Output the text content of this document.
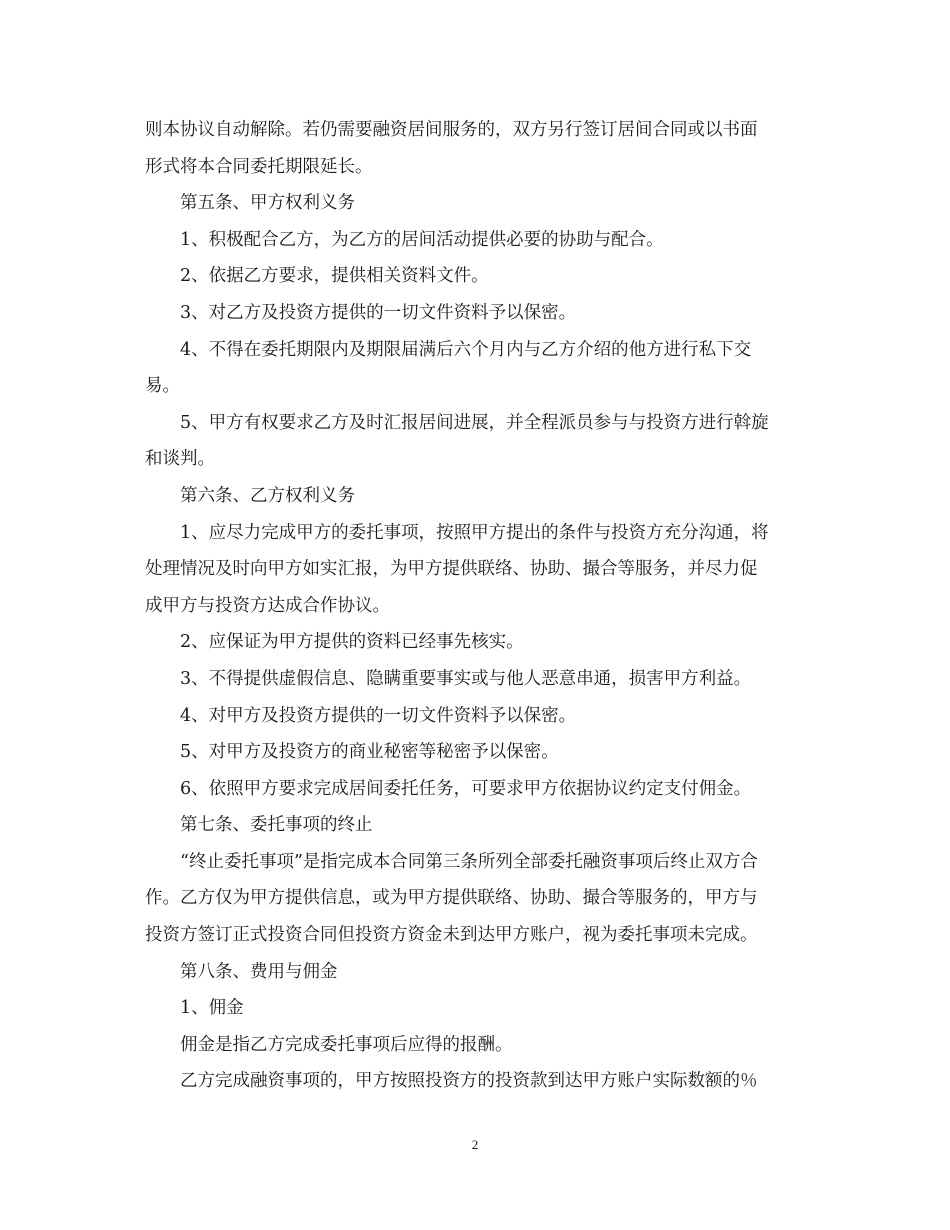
则本协议自动解除。若仍需要融资居间服务的，双方另行签订居间合同或以书面
形式将本合同委托期限延长。
第五条、甲方权利义务
1、积极配合乙方，为乙方的居间活动提供必要的协助与配合。
2、依据乙方要求，提供相关资料文件。
3、对乙方及投资方提供的一切文件资料予以保密。
4、不得在委托期限内及期限届满后六个月内与乙方介绍的他方进行私下交
易。
5、甲方有权要求乙方及时汇报居间进展，并全程派员参与与投资方进行斡旋
和谈判。
第六条、乙方权利义务
1、应尽力完成甲方的委托事项，按照甲方提出的条件与投资方充分沟通，将
处理情况及时向甲方如实汇报，为甲方提供联络、协助、撮合等服务，并尽力促
成甲方与投资方达成合作协议。
2、应保证为甲方提供的资料已经事先核实。
3、不得提供虚假信息、隐瞒重要事实或与他人恶意串通，损害甲方利益。
4、对甲方及投资方提供的一切文件资料予以保密。
5、对甲方及投资方的商业秘密等秘密予以保密。
6、依照甲方要求完成居间委托任务，可要求甲方依据协议约定支付佣金。
第七条、委托事项的终止
“终止委托事项”是指完成本合同第三条所列全部委托融资事项后终止双方合
作。乙方仅为甲方提供信息，或为甲方提供联络、协助、撮合等服务的，甲方与
投资方签订正式投资合同但投资方资金未到达甲方账户，视为委托事项未完成。
第八条、费用与佣金
1、佣金
佣金是指乙方完成委托事项后应得的报酬。
乙方完成融资事项的，甲方按照投资方的投资款到达甲方账户实际数额的％
2
